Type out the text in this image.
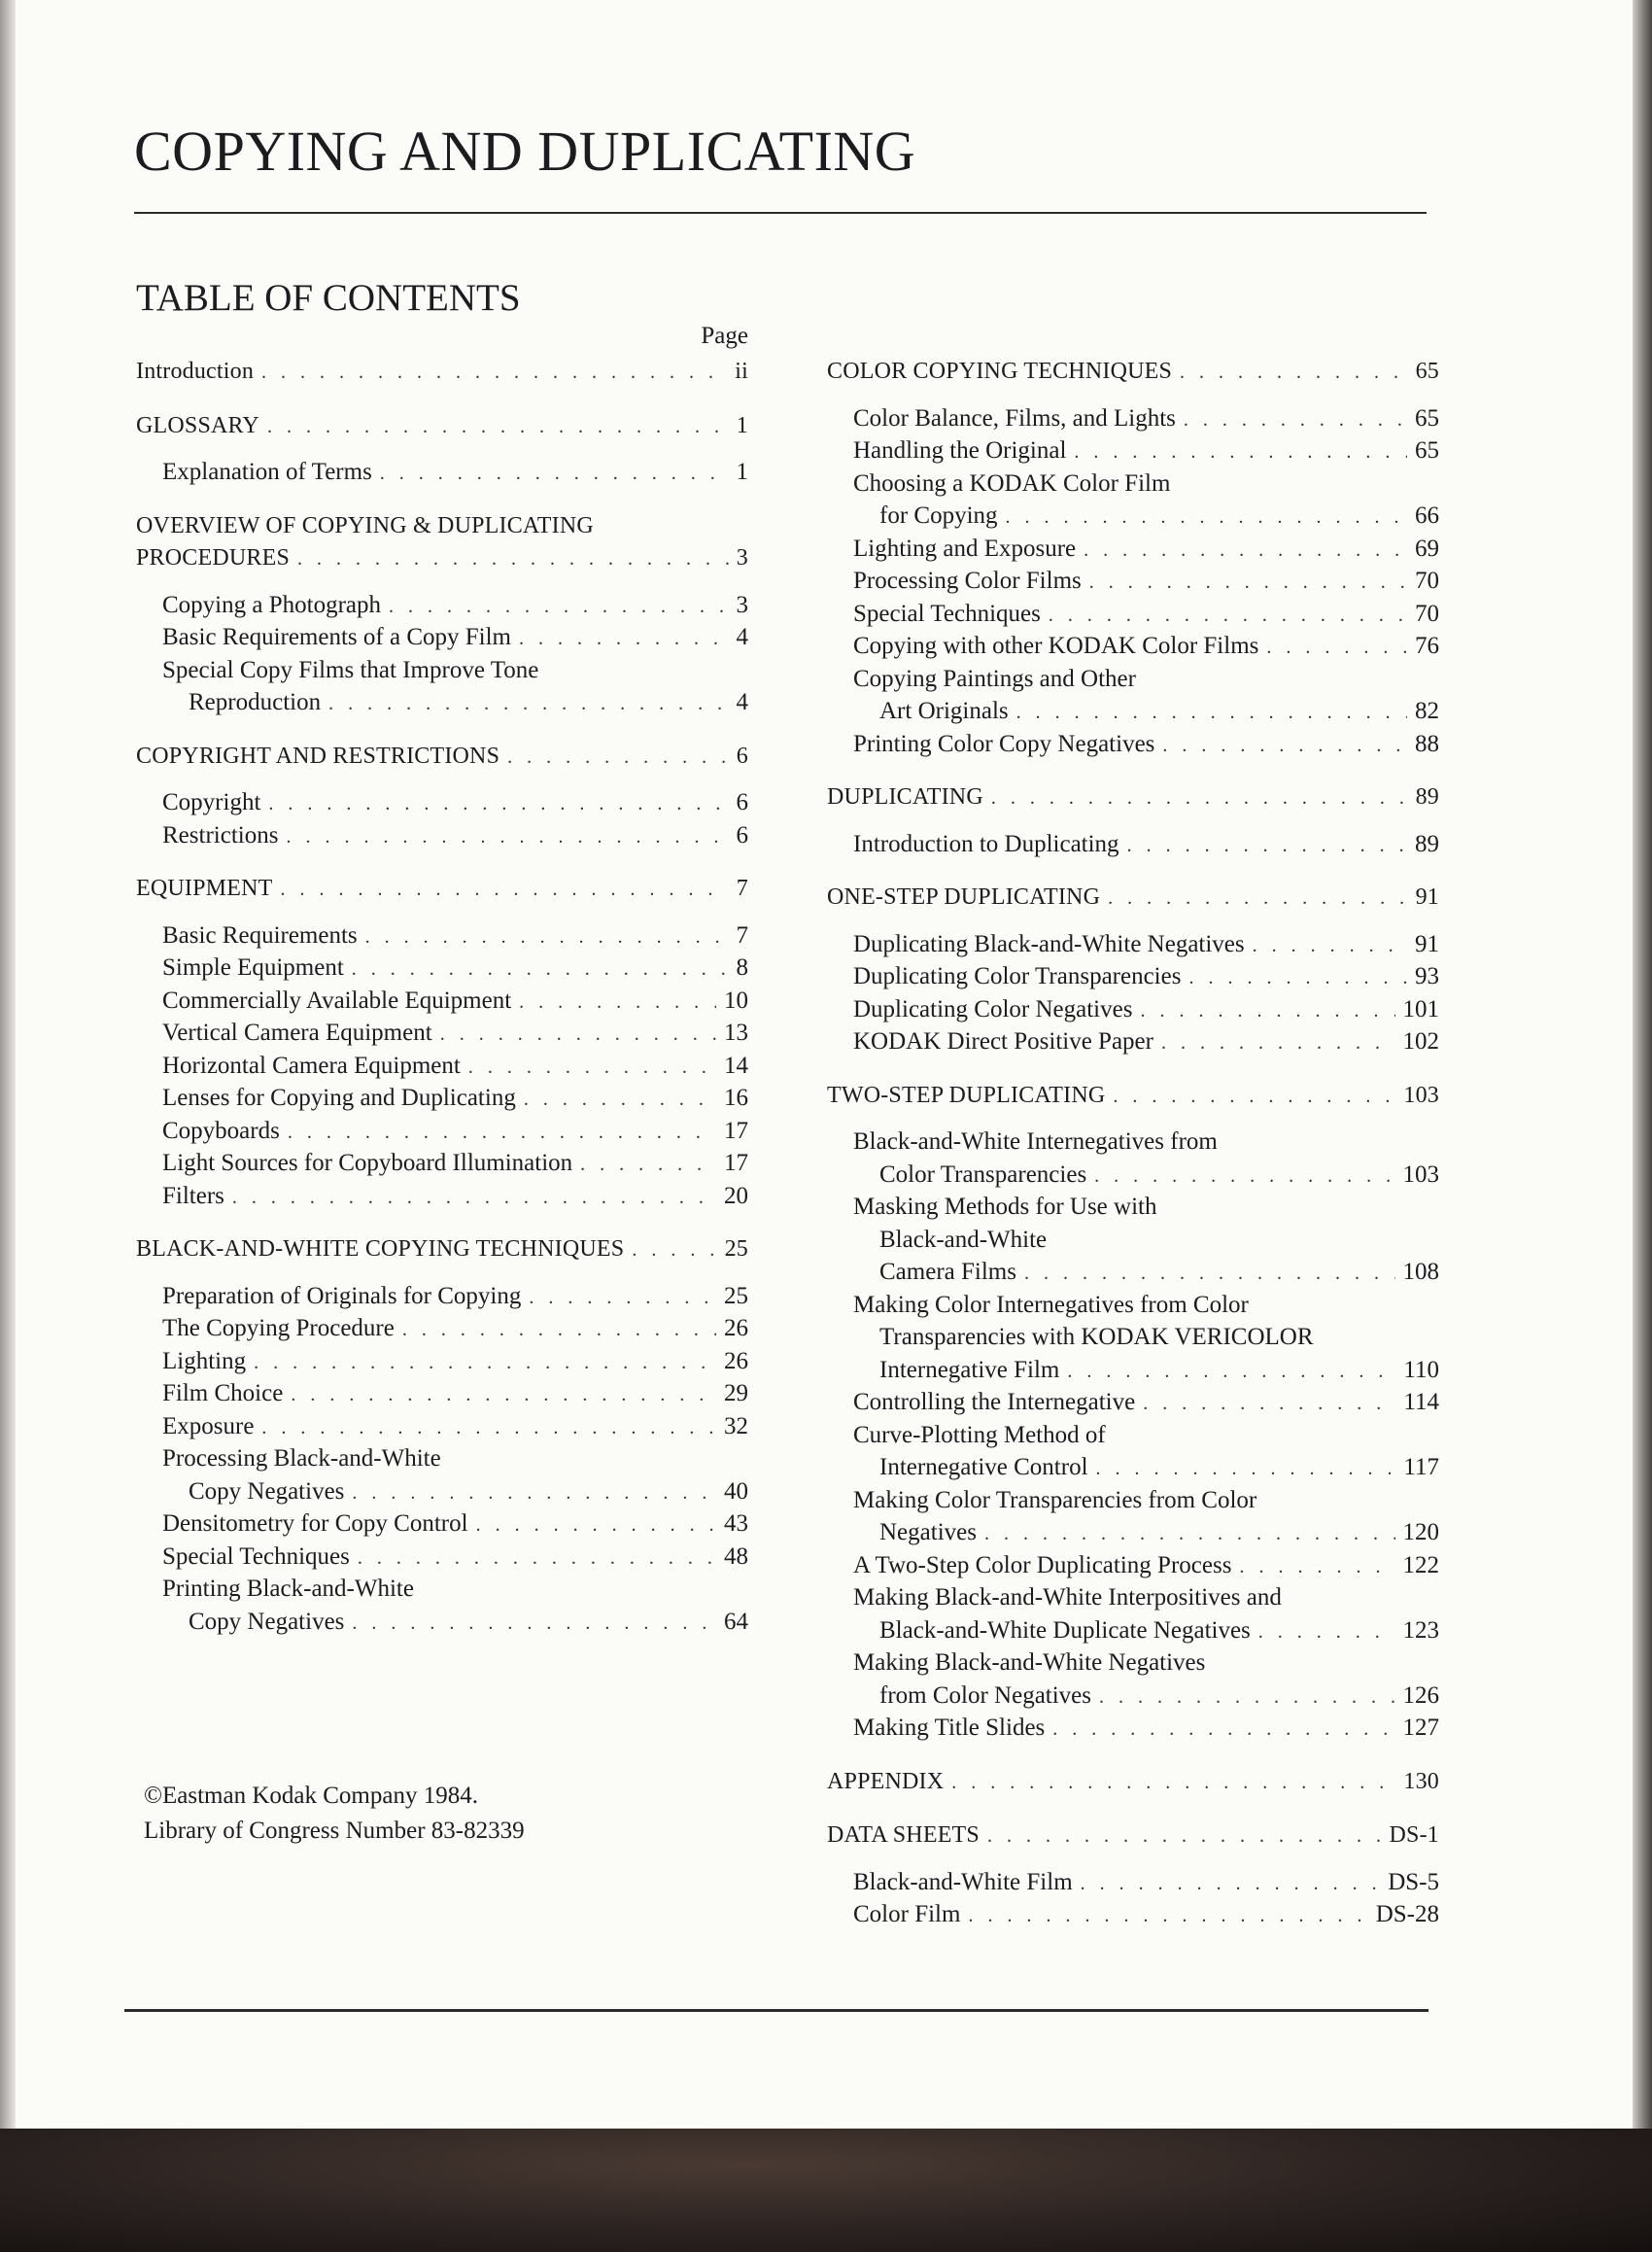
COPYING AND DUPLICATING
TABLE OF CONTENTS
Page
Introduction . . .	ii
GLOSSARY . . .	1
Explanation of Terms . . .	1
OVERVIEW OF COPYING & DUPLICATING
PROCEDURES . . .	3
Copying a Photograph . . .	3
Basic Requirements of a Copy Film . . .	4
Special Copy Films that Improve Tone
Reproduction . . .	4
COPYRIGHT AND RESTRICTIONS . . .	6
Copyright . . .	6
Restrictions . . .	6
EQUIPMENT . . .	7
Basic Requirements . . .	7
Simple Equipment . . .	8
Commercially Available Equipment . . .	10
Vertical Camera Equipment . . .	13
Horizontal Camera Equipment . . .	14
Lenses for Copying and Duplicating . . .	16
Copyboards . . .	17
Light Sources for Copyboard Illumination . . .	17
Filters . . .	20
BLACK-AND-WHITE COPYING TECHNIQUES . . .	25
Preparation of Originals for Copying . . .	25
The Copying Procedure . . .	26
Lighting . . .	26
Film Choice . . .	29
Exposure . . .	32
Processing Black-and-White
Copy Negatives . . .	40
Densitometry for Copy Control . . .	43
Special Techniques . . .	48
Printing Black-and-White
Copy Negatives . . .	64
COLOR COPYING TECHNIQUES . . .	65
Color Balance, Films, and Lights . . .	65
Handling the Original . . .	65
Choosing a KODAK Color Film
for Copying . . .	66
Lighting and Exposure . . .	69
Processing Color Films . . .	70
Special Techniques . . .	70
Copying with other KODAK Color Films . . .	76
Copying Paintings and Other
Art Originals . . .	82
Printing Color Copy Negatives . . .	88
DUPLICATING . . .	89
Introduction to Duplicating . . .	89
ONE-STEP DUPLICATING . . .	91
Duplicating Black-and-White Negatives . . .	91
Duplicating Color Transparencies . . .	93
Duplicating Color Negatives . . .	101
KODAK Direct Positive Paper . . .	102
TWO-STEP DUPLICATING . . .	103
Black-and-White Internegatives from
Color Transparencies . . .	103
Masking Methods for Use with
Black-and-White
Camera Films . . .	108
Making Color Internegatives from Color
Transparencies with KODAK VERICOLOR
Internegative Film . . .	110
Controlling the Internegative . . .	114
Curve-Plotting Method of
Internegative Control . . .	117
Making Color Transparencies from Color
Negatives . . .	120
A Two-Step Color Duplicating Process . . .	122
Making Black-and-White Interpositives and
Black-and-White Duplicate Negatives . . .	123
Making Black-and-White Negatives
from Color Negatives . . .	126
Making Title Slides . . .	127
APPENDIX . . .	130
DATA SHEETS . . .	DS-1
Black-and-White Film . . .	DS-5
Color Film . . .	DS-28
©Eastman Kodak Company 1984.
Library of Congress Number 83-82339
